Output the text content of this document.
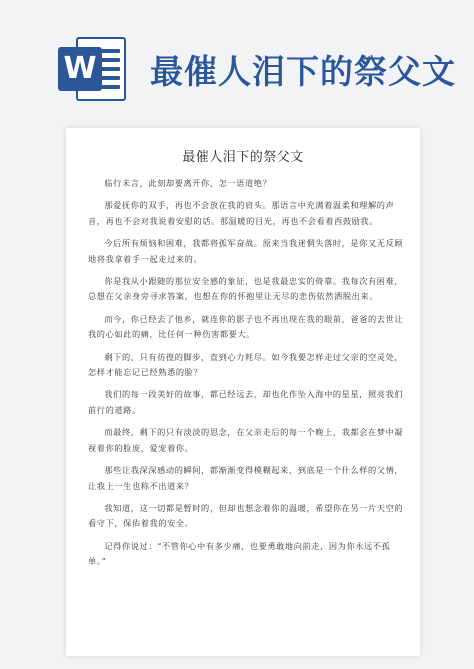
W 最催人泪下的祭父文
最催人泪下的祭父文

临行未言，此刻却要离开你，怎一语道绝？

那爱抚你的双手，再也不会放在我的肩头。那语言中充满着温柔和理解的声音，再也不会对我说着安慰的话。那温暖的目光，再也不会看着西鼓励我。

今后所有烦恼和困难，我都将孤军奋战。原来当我迷惘失落时，是你又无反顾地将我拿着手一起走过来的。

你是我从小跟随的那位安全感的象征，也是我最忠实的倚靠。我每次有困难，总想在父亲身旁寻求答案，也想在你的怀抱里让无尽的悲伤依然洒脱出来。

而今，你已经去了他乡，就连你的影子也不再出现在我的眼前，爸爸的去世让我的心如此的痛，比任何一种伤害都要大。

剩下的，只有彷徨的脚步，直到心力耗尽。如今我要怎样走过父亲的空灵处，怎样才能忘记已经熟悉的脸？

我们的每一段美好的故事，都已经远去，却也化作坠入海中的星星，照亮我们前行的道路。

而最终，剩下的只有淡淡的思念，在父亲走后的每一个晚上，我都会在梦中凝视着你的脸庞，爱宠着你。

那些让我深深感动的瞬间，都渐渐变得模糊起来，到底是一个什么样的父情，让我上一生也称不出道来？

我知道，这一切都是暂时的，但却也想念着你的温暖，希望你在另一片天空的看守下，保佑着我的安全。

记得你说过：“不管你心中有多少痛，也要勇敢地向前走，因为你永远不孤单。”
